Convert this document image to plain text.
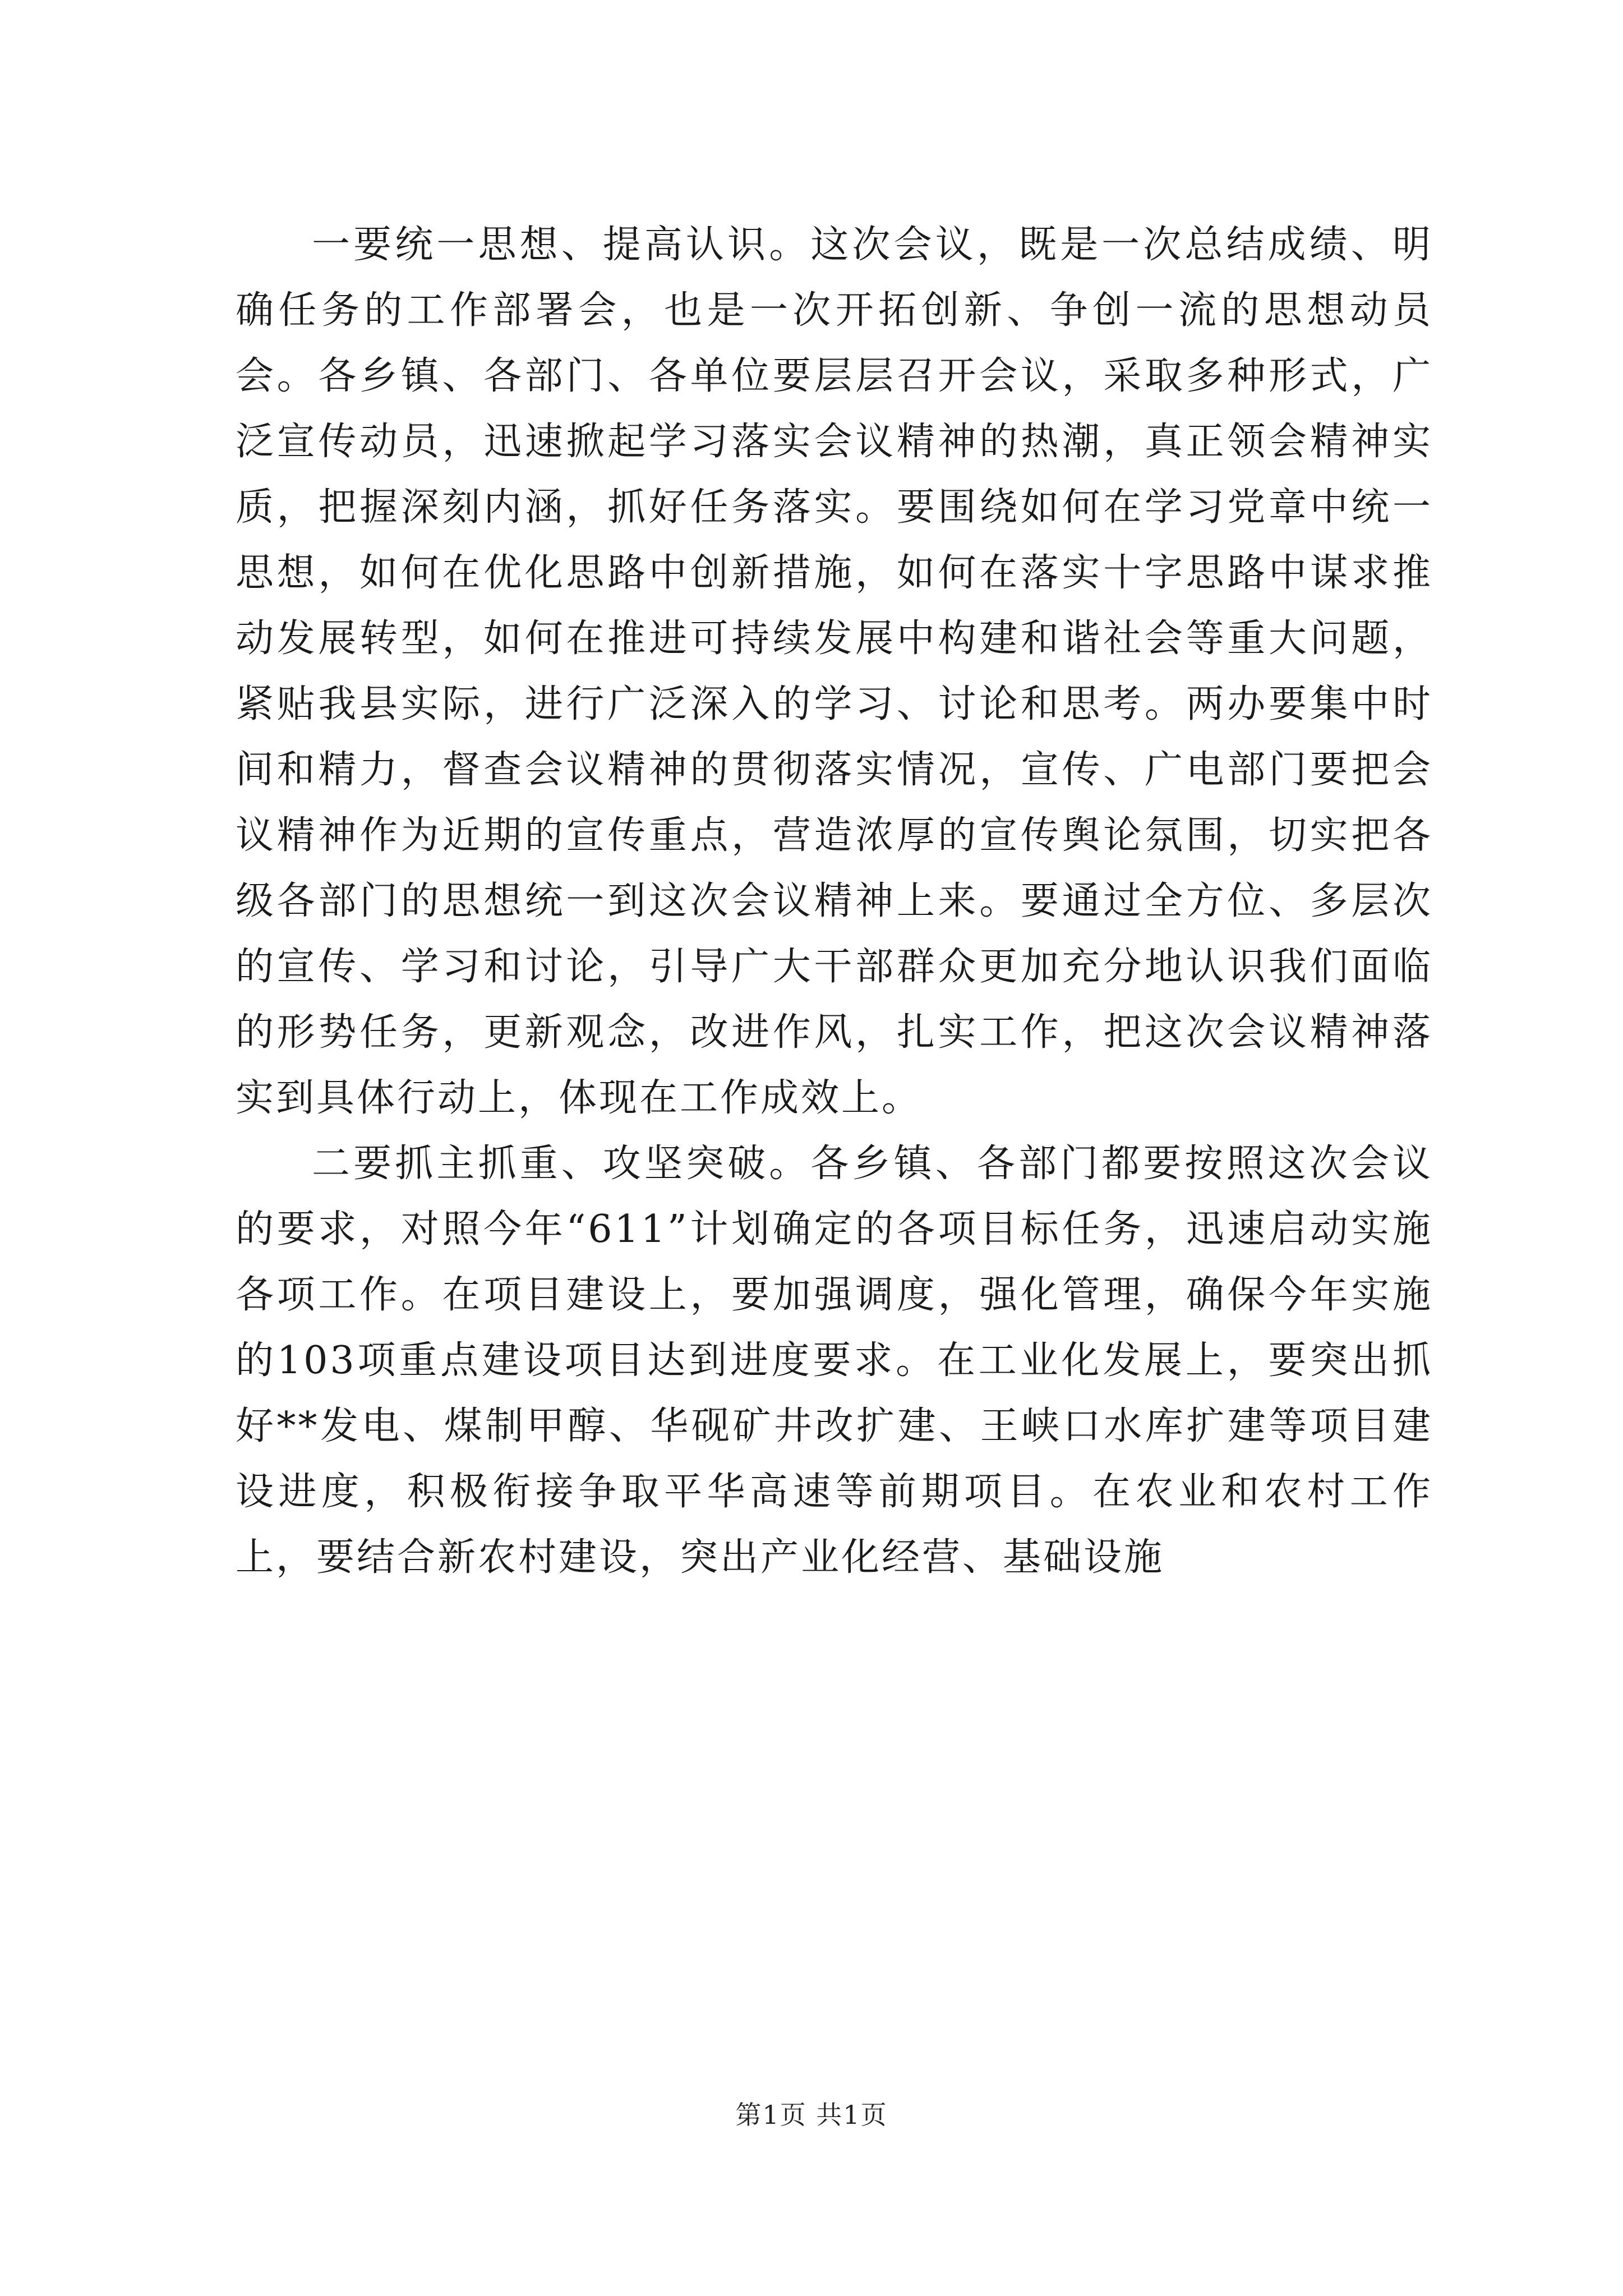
一要统一思想、提高认识。这次会议，既是一次总结成绩、明确任务的工作部署会，也是一次开拓创新、争创一流的思想动员会。各乡镇、各部门、各单位要层层召开会议，采取多种形式，广泛宣传动员，迅速掀起学习落实会议精神的热潮，真正领会精神实质，把握深刻内涵，抓好任务落实。要围绕如何在学习党章中统一思想，如何在优化思路中创新措施，如何在落实十字思路中谋求推动发展转型，如何在推进可持续发展中构建和谐社会等重大问题，紧贴我县实际，进行广泛深入的学习、讨论和思考。两办要集中时间和精力，督查会议精神的贯彻落实情况，宣传、广电部门要把会议精神作为近期的宣传重点，营造浓厚的宣传舆论氛围，切实把各级各部门的思想统一到这次会议精神上来。要通过全方位、多层次的宣传、学习和讨论，引导广大干部群众更加充分地认识我们面临的形势任务，更新观念，改进作风，扎实工作，把这次会议精神落实到具体行动上，体现在工作成效上。

二要抓主抓重、攻坚突破。各乡镇、各部门都要按照这次会议的要求，对照今年“611”计划确定的各项目标任务，迅速启动实施各项工作。在项目建设上，要加强调度，强化管理，确保今年实施的103项重点建设项目达到进度要求。在工业化发展上，要突出抓好**发电、煤制甲醇、华砚矿井改扩建、王峡口水库扩建等项目建设进度，积极衔接争取平华高速等前期项目。在农业和农村工作上，要结合新农村建设，突出产业化经营、基础设施

第1页 共1页
